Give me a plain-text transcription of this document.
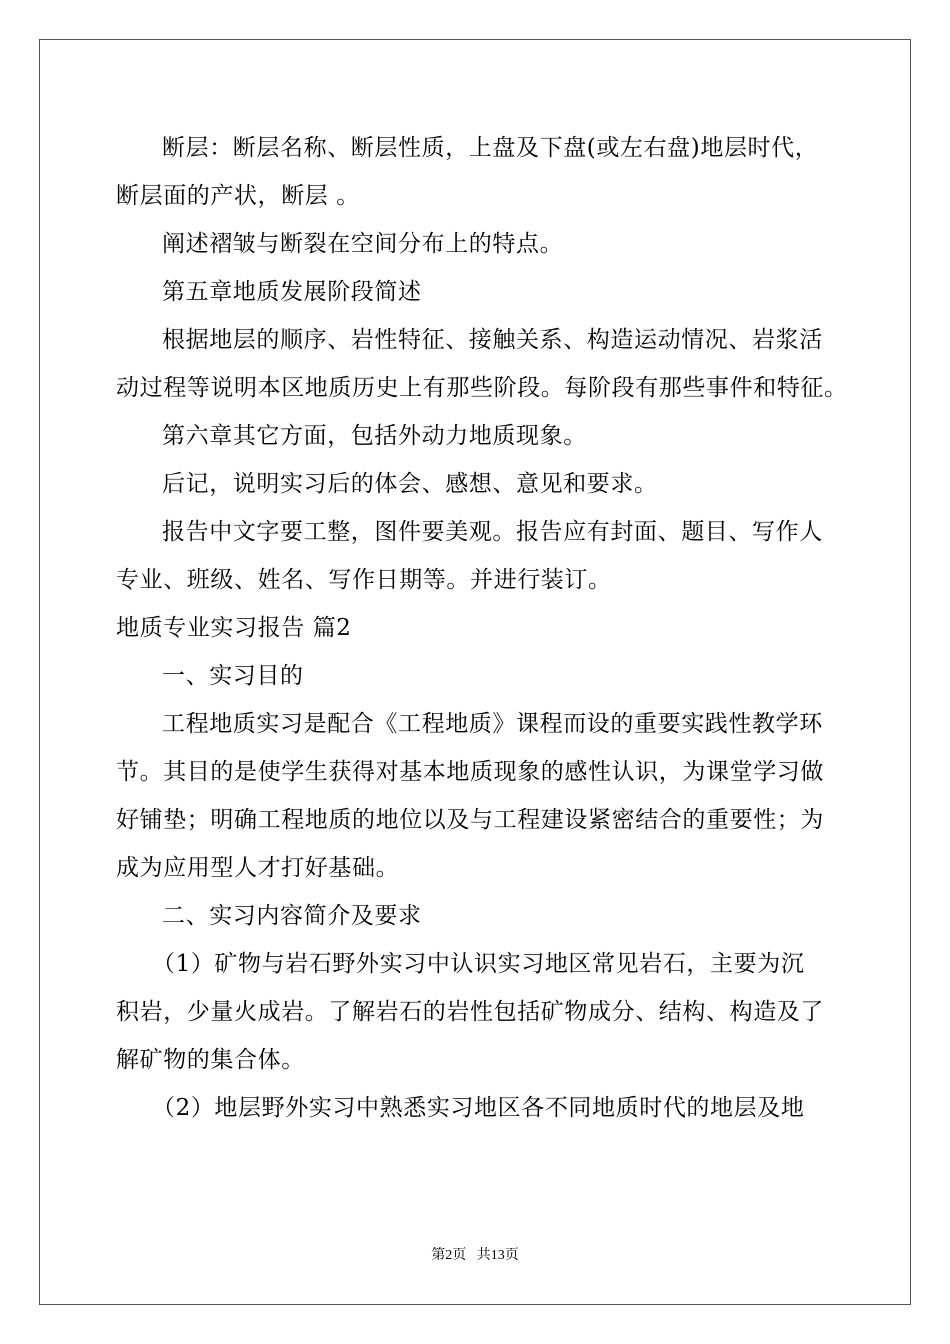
断层：断层名称、断层性质，上盘及下盘(或左右盘)地层时代，
断层面的产状，断层 。
阐述褶皱与断裂在空间分布上的特点。
第五章地质发展阶段简述
根据地层的顺序、岩性特征、接触关系、构造运动情况、岩浆活
动过程等说明本区地质历史上有那些阶段。每阶段有那些事件和特征。
第六章其它方面，包括外动力地质现象。
后记，说明实习后的体会、感想、意见和要求。
报告中文字要工整，图件要美观。报告应有封面、题目、写作人
专业、班级、姓名、写作日期等。并进行装订。
地质专业实习报告 篇2
一、实习目的
工程地质实习是配合《工程地质》课程而设的重要实践性教学环
节。其目的是使学生获得对基本地质现象的感性认识，为课堂学习做
好铺垫；明确工程地质的地位以及与工程建设紧密结合的重要性；为
成为应用型人才打好基础。
二、实习内容简介及要求
（1）矿物与岩石野外实习中认识实习地区常见岩石，主要为沉
积岩，少量火成岩。了解岩石的岩性包括矿物成分、结构、构造及了
解矿物的集合体。
（2）地层野外实习中熟悉实习地区各不同地质时代的地层及地
第2页   共13页
